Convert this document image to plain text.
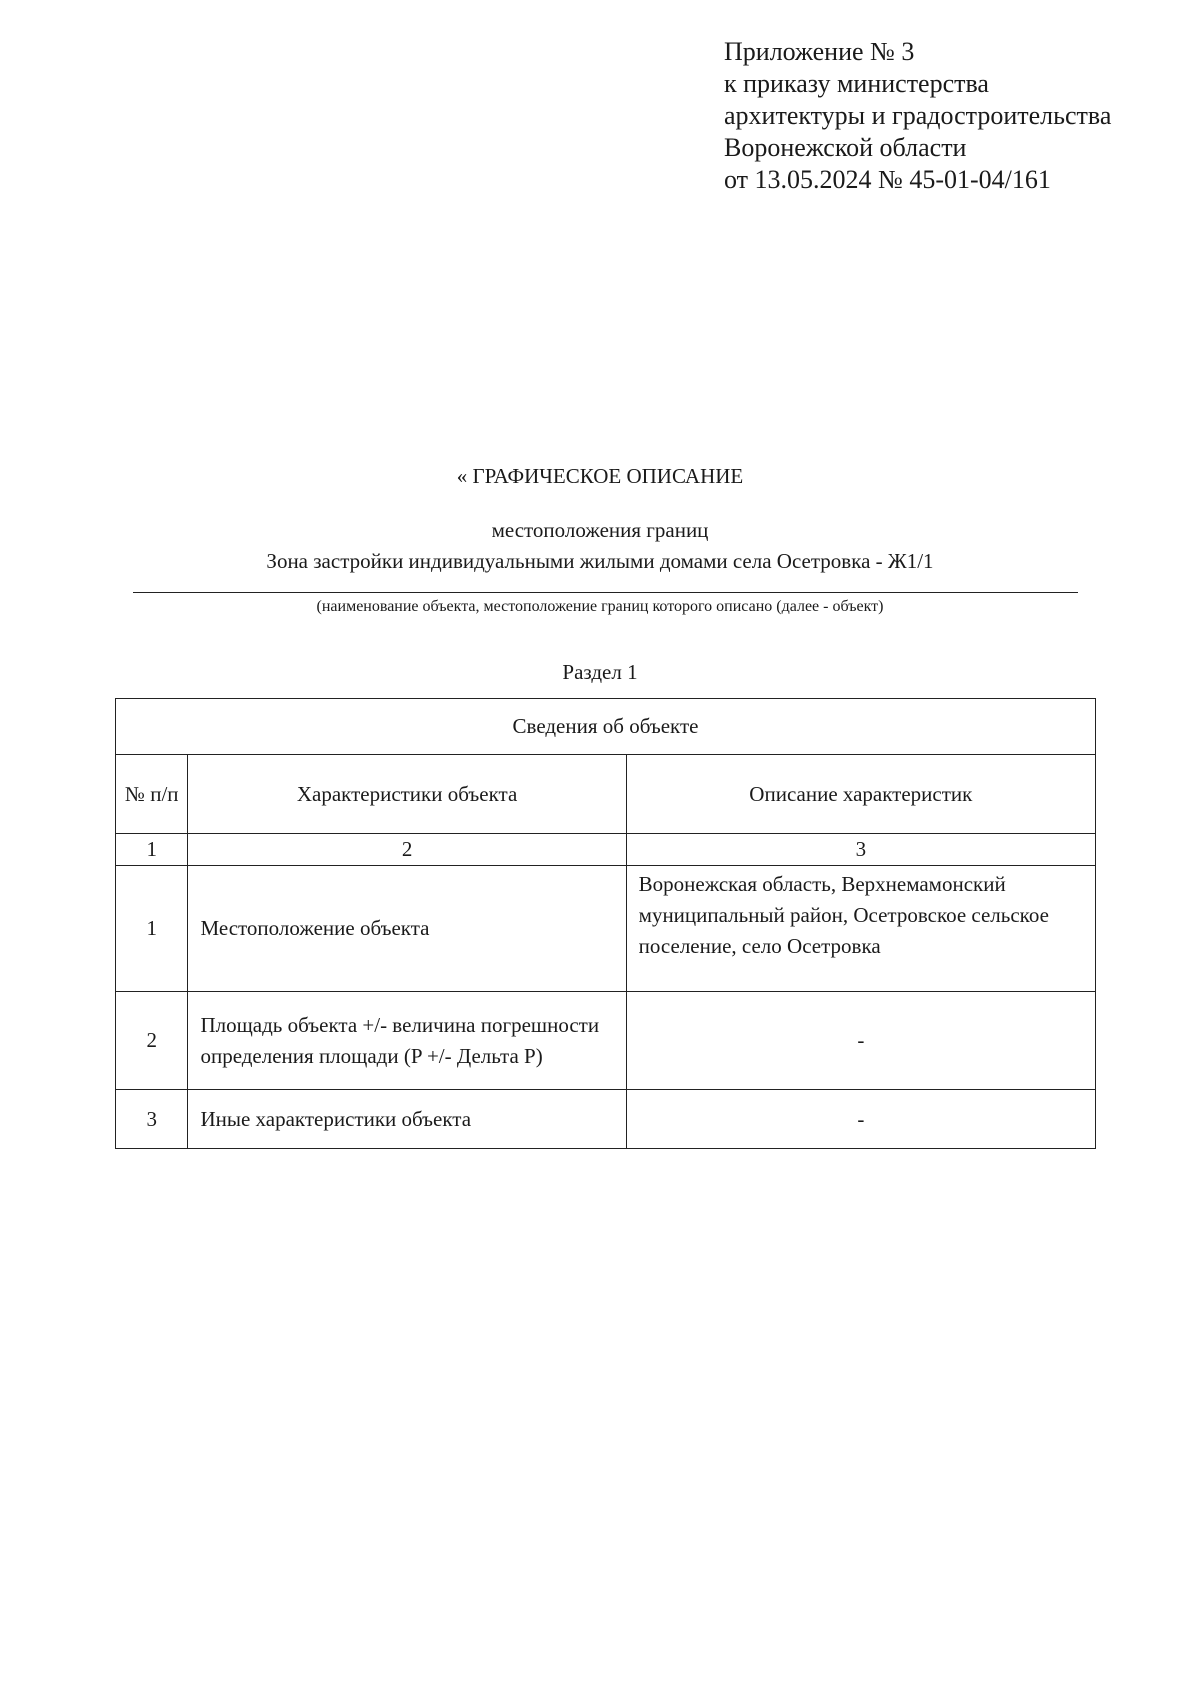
Приложение № 3
к приказу министерства
архитектуры и градостроительства
Воронежской области
от 13.05.2024 № 45-01-04/161
« ГРАФИЧЕСКОЕ ОПИСАНИЕ
местоположения границ
Зона застройки индивидуальными жилыми домами села Осетровка - Ж1/1
(наименование объекта, местоположение границ которого описано (далее - объект)
Раздел 1
Сведения об объекте		
№ п/п	Характеристики объекта	Описание характеристик
1	2	3
1	Местоположение объекта	Воронежская область, Верхнемамонский муниципальный район, Осетровское сельское поселение, село Осетровка
2	Площадь объекта +/- величина погрешности определения площади (P +/- Дельта P)	-
3	Иные характеристики объекта	-
